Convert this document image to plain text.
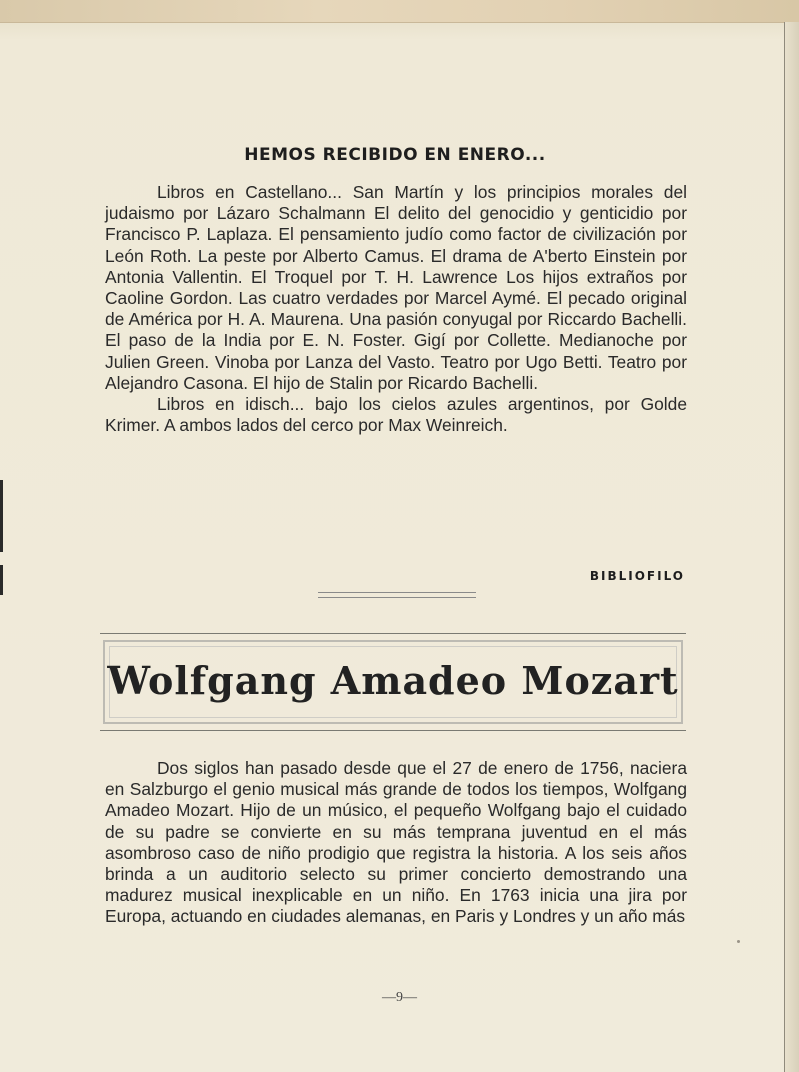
HEMOS RECIBIDO EN ENERO...

Libros en Castellano... San Martín y los principios morales del judaismo por Lázaro Schalmann El delito del genocidio y genticidio por Francisco P. Laplaza. El pensamiento judío como factor de civilización por León Roth. La peste por Alberto Camus. El drama de A'berto Einstein por Antonia Vallentin. El Troquel por T. H. Lawrence Los hijos extraños por Caoline Gordon. Las cuatro verdades por Marcel Aymé. El pecado original de América por H. A. Maurena. Una pasión conyugal por Riccardo Bachelli. El paso de la India por E. N. Foster. Gigí por Collette. Medianoche por Julien Green. Vinoba por Lanza del Vasto. Teatro por Ugo Betti. Teatro por Alejandro Casona. El hijo de Stalin por Ricardo Bachelli.

Libros en idisch... bajo los cielos azules argentinos, por Golde Krimer. A ambos lados del cerco por Max Weinreich.

BIBLIOFILO
Wolfgang Amadeo Mozart

Dos siglos han pasado desde que el 27 de enero de 1756, naciera en Salzburgo el genio musical más grande de todos los tiempos, Wolfgang Amadeo Mozart. Hijo de un músico, el pequeño Wolfgang bajo el cuidado de su padre se convierte en su más temprana juventud en el más asombroso caso de niño prodigio que registra la historia. A los seis años brinda a un auditorio selecto su primer concierto demostrando una madurez musical inexplicable en un niño. En 1763 inicia una jira por Europa, actuando en ciudades alemanas, en Paris y Londres y un año más

—9—
